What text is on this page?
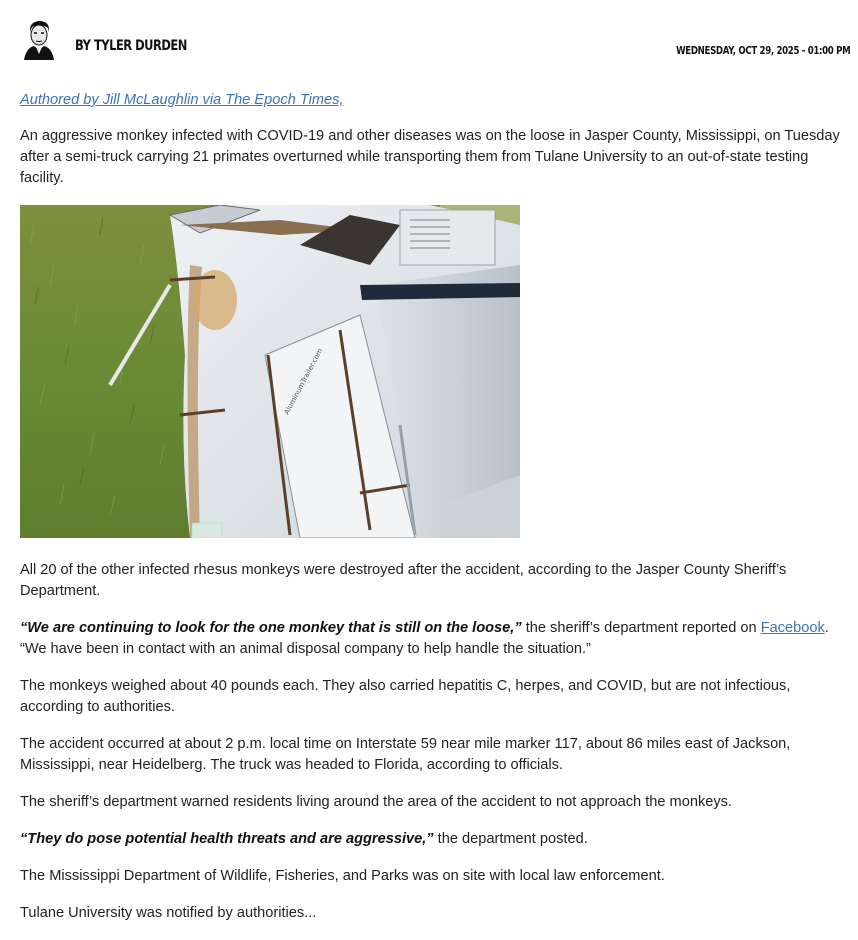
BY TYLER DURDEN	WEDNESDAY, OCT 29, 2025 - 01:00 PM

Authored by Jill McLaughlin via The Epoch Times,

An aggressive monkey infected with COVID-19 and other diseases was on the loose in Jasper County, Mississippi, on Tuesday after a semi-truck carrying 21 primates overturned while transporting them from Tulane University to an out-of-state testing facility.

AluminumTrailer.com

All 20 of the other infected rhesus monkeys were destroyed after the accident, according to the Jasper County Sheriff’s Department.

“We are continuing to look for the one monkey that is still on the loose,” the sheriff’s department reported on Facebook. “We have been in contact with an animal disposal company to help handle the situation.”

The monkeys weighed about 40 pounds each. They also carried hepatitis C, herpes, and COVID, but are not infectious, according to authorities.

The accident occurred at about 2 p.m. local time on Interstate 59 near mile marker 117, about 86 miles east of Jackson, Mississippi, near Heidelberg. The truck was headed to Florida, according to officials.

The sheriff’s department warned residents living around the area of the accident to not approach the monkeys.

“They do pose potential health threats and are aggressive,” the department posted.

The Mississippi Department of Wildlife, Fisheries, and Parks was on site with local law enforcement.

Tulane University was notified by authorities...
